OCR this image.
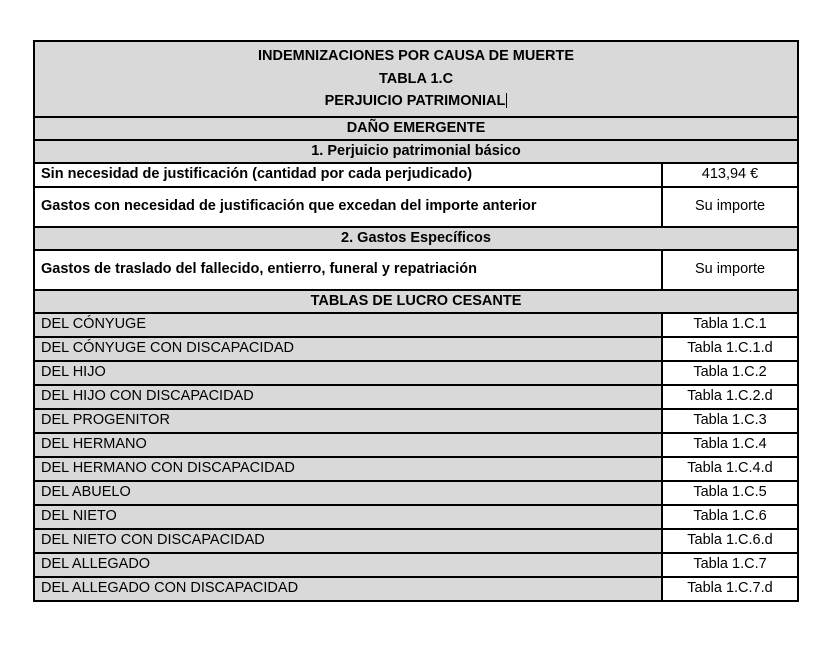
INDEMNIZACIONES POR CAUSA DE MUERTE
TABLA 1.C
PERJUICIO PATRIMONIAL	

DAÑO EMERGENTE	
1. Perjuicio patrimonial básico	
Sin necesidad de justificación (cantidad por cada perjudicado)	413,94 €
Gastos con necesidad de justificación que excedan del importe anterior	Su importe
2. Gastos Específicos	
Gastos de traslado del fallecido, entierro, funeral y repatriación	Su importe
TABLAS DE LUCRO CESANTE	
DEL CÓNYUGE	Tabla 1.C.1
DEL CÓNYUGE CON DISCAPACIDAD	Tabla 1.C.1.d
DEL HIJO	Tabla 1.C.2
DEL HIJO CON DISCAPACIDAD	Tabla 1.C.2.d
DEL PROGENITOR	Tabla 1.C.3
DEL HERMANO	Tabla 1.C.4
DEL HERMANO CON DISCAPACIDAD	Tabla 1.C.4.d
DEL ABUELO	Tabla 1.C.5
DEL NIETO	Tabla 1.C.6
DEL NIETO CON DISCAPACIDAD	Tabla 1.C.6.d
DEL ALLEGADO	Tabla 1.C.7
DEL ALLEGADO CON DISCAPACIDAD	Tabla 1.C.7.d
